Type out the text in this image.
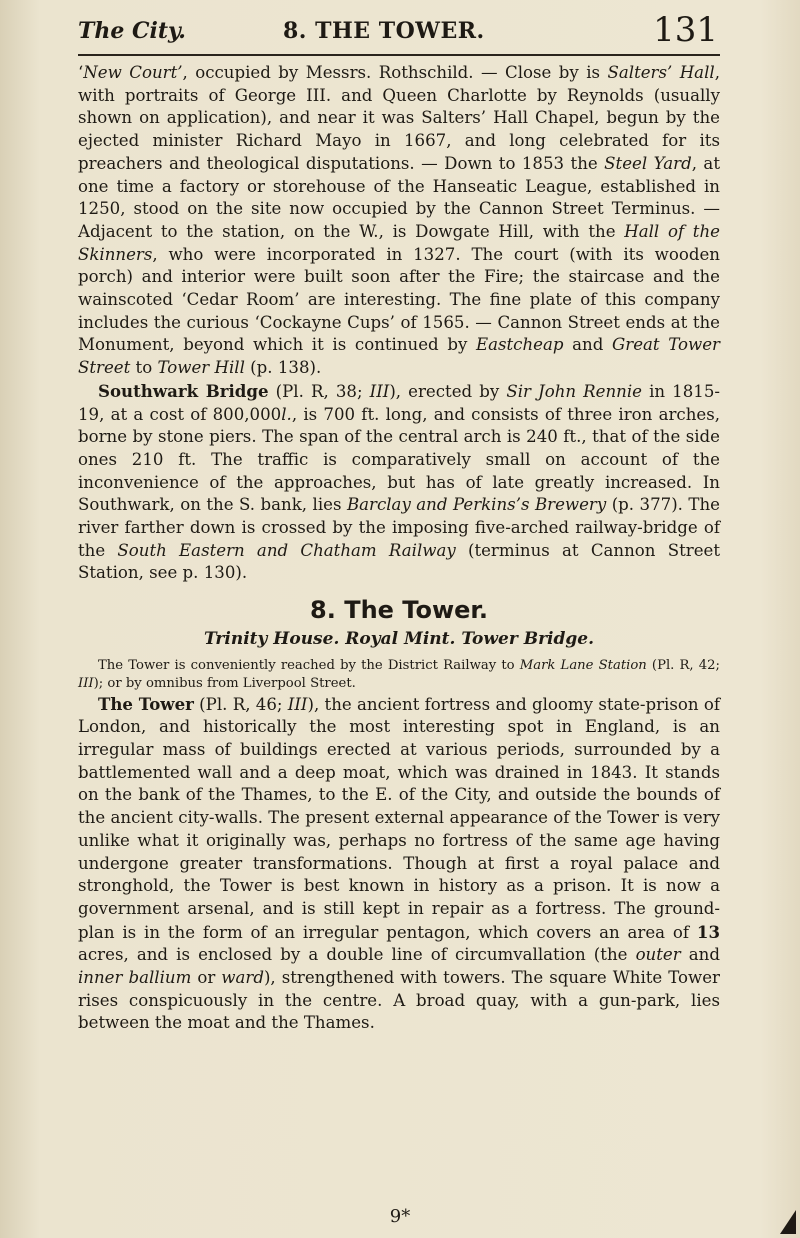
The City.	8. THE TOWER.	131

‘New Court’, occupied by Messrs. Rothschild. — Close by is Salters’ Hall, with portraits of George III. and Queen Charlotte by Reynolds (usually shown on application), and near it was Salters’ Hall Chapel, begun by the ejected minister Richard Mayo in 1667, and long celebrated for its preachers and theological disputations. — Down to 1853 the Steel Yard, at one time a factory or storehouse of the Hanseatic League, established in 1250, stood on the site now occupied by the Cannon Street Terminus. — Adjacent to the station, on the W., is Dowgate Hill, with the Hall of the Skinners, who were incorporated in 1327. The court (with its wooden porch) and interior were built soon after the Fire; the staircase and the wainscoted ‘Cedar Room’ are interesting. The fine plate of this company includes the curious ‘Cockayne Cups’ of 1565. — Cannon Street ends at the Monument, beyond which it is continued by Eastcheap and Great Tower Street to Tower Hill (p. 138).

Southwark Bridge (Pl. R, 38; III), erected by Sir John Rennie in 1815-19, at a cost of 800,000l., is 700 ft. long, and consists of three iron arches, borne by stone piers. The span of the central arch is 240 ft., that of the side ones 210 ft. The traffic is comparatively small on account of the inconvenience of the approaches, but has of late greatly increased. In Southwark, on the S. bank, lies Barclay and Perkins’s Brewery (p. 377). The river farther down is crossed by the imposing five-arched railway-bridge of the South Eastern and Chatham Railway (terminus at Cannon Street Station, see p. 130).

8. The Tower.
Trinity House. Royal Mint. Tower Bridge.

The Tower is conveniently reached by the District Railway to Mark Lane Station (Pl. R, 42; III); or by omnibus from Liverpool Street.

The Tower (Pl. R, 46; III), the ancient fortress and gloomy state-prison of London, and historically the most interesting spot in England, is an irregular mass of buildings erected at various periods, surrounded by a battlemented wall and a deep moat, which was drained in 1843. It stands on the bank of the Thames, to the E. of the City, and outside the bounds of the ancient city-walls. The present external appearance of the Tower is very unlike what it originally was, perhaps no fortress of the same age having undergone greater transformations. Though at first a royal palace and stronghold, the Tower is best known in history as a prison. It is now a government arsenal, and is still kept in repair as a fortress. The ground-plan is in the form of an irregular pentagon, which covers an area of 13 acres, and is enclosed by a double line of circumvallation (the outer and inner ballium or ward), strengthened with towers. The square White Tower rises conspicuously in the centre. A broad quay, with a gun-park, lies between the moat and the Thames.

9*
